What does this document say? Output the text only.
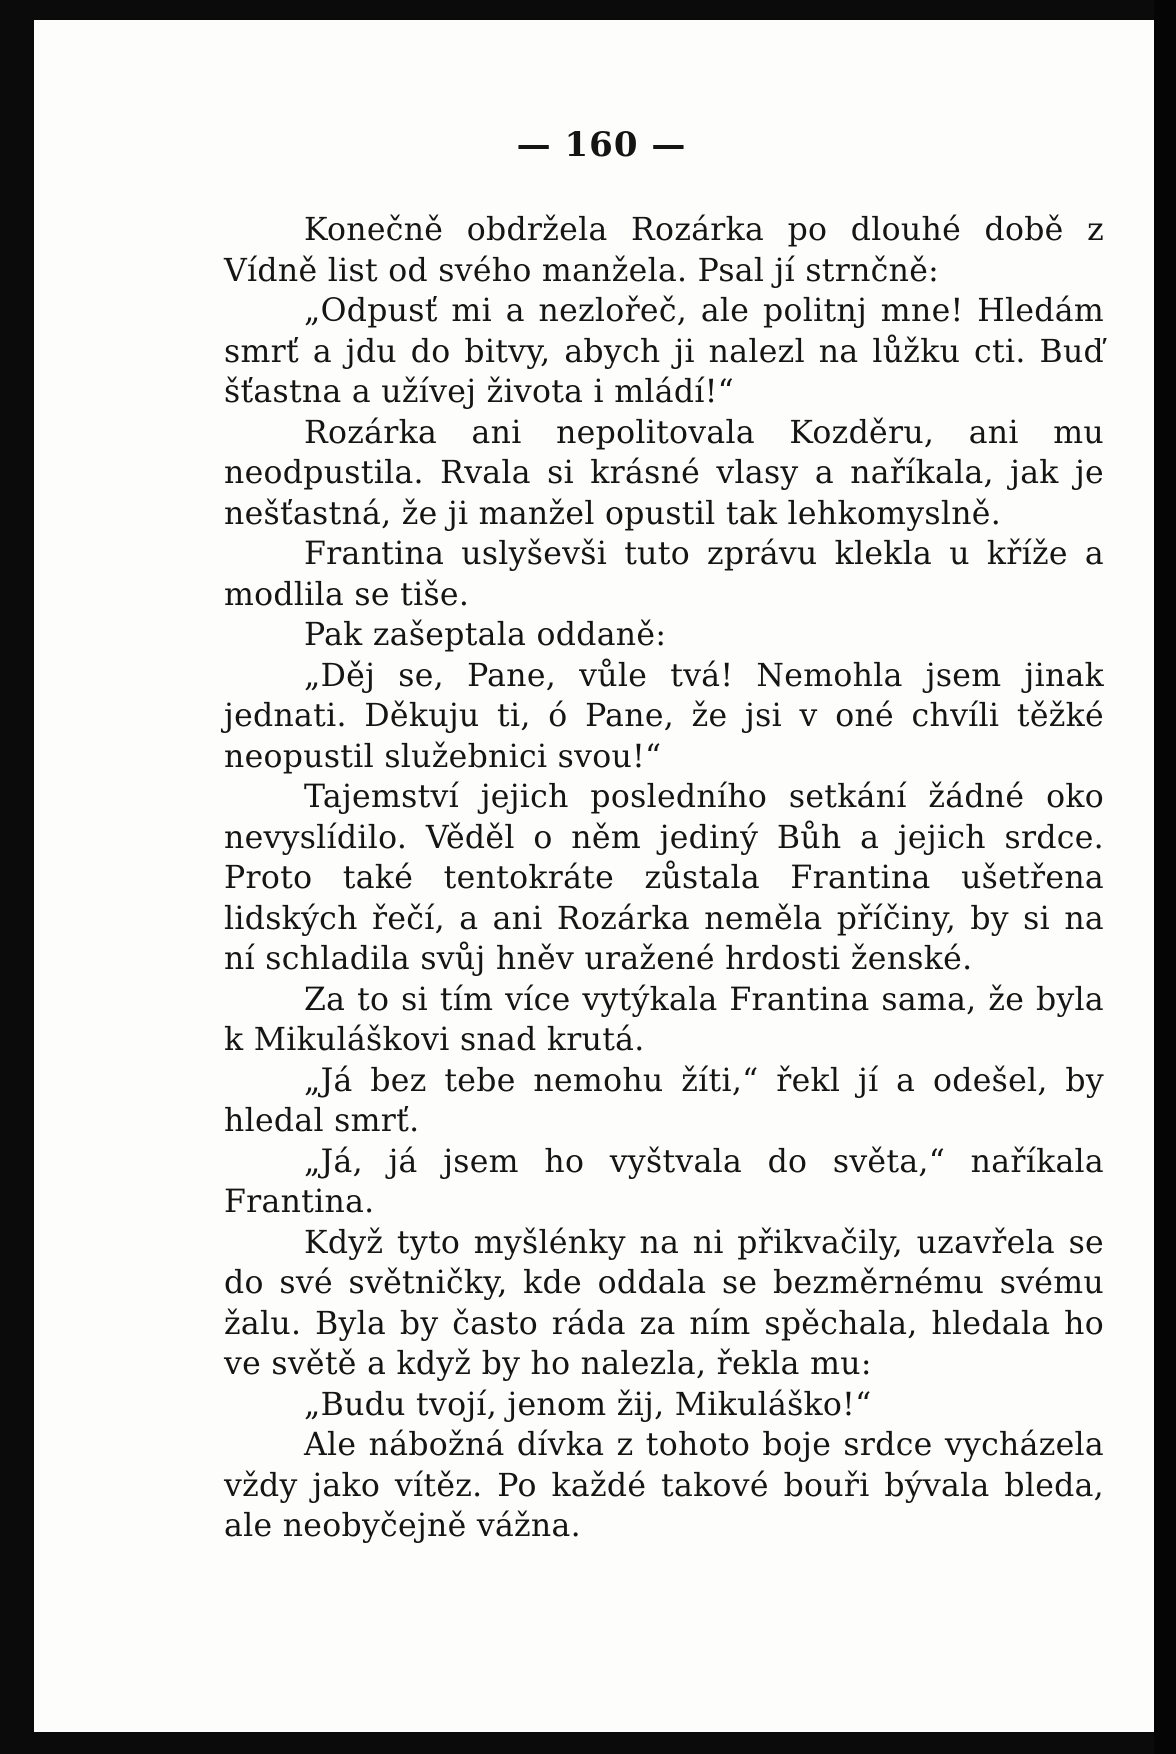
— 160 —

Konečně obdržela Rozárka po dlouhé době z Vídně list od svého manžela. Psal jí strnčně:

„Odpusť mi a nezlořeč, ale politnj mne! Hledám smrť a jdu do bitvy, abych ji nalezl na lůžku cti. Buď šťastna a užívej života i mládí!“

Rozárka ani nepolitovala Kozděru, ani mu neodpustila. Rvala si krásné vlasy a naříkala, jak je nešťastná, že ji manžel opustil tak lehkomyslně.

Frantina uslyševši tuto zprávu klekla u kříže a modlila se tiše.

Pak zašeptala oddaně:

„Děj se, Pane, vůle tvá! Nemohla jsem jinak jednati. Děkuju ti, ó Pane, že jsi v oné chvíli těžké neopustil služebnici svou!“

Tajemství jejich posledního setkání žádné oko nevyslídilo. Věděl o něm jediný Bůh a jejich srdce. Proto také tentokráte zůstala Frantina ušetřena lidských řečí, a ani Rozárka neměla příčiny, by si na ní schladila svůj hněv uražené hrdosti ženské.

Za to si tím více vytýkala Frantina sama, že byla k Mikuláškovi snad krutá.

„Já bez tebe nemohu žíti,“ řekl jí a odešel, by hledal smrť.

„Já, já jsem ho vyštvala do světa,“ naříkala Frantina.

Když tyto myšlénky na ni přikvačily, uzavřela se do své světničky, kde oddala se bezměrnému svému žalu. Byla by často ráda za ním spěchala, hledala ho ve světě a když by ho nalezla, řekla mu:

„Budu tvojí, jenom žij, Mikuláško!“

Ale nábožná dívka z tohoto boje srdce vycházela vždy jako vítěz. Po každé takové bouři bývala bleda, ale neobyčejně vážna.
